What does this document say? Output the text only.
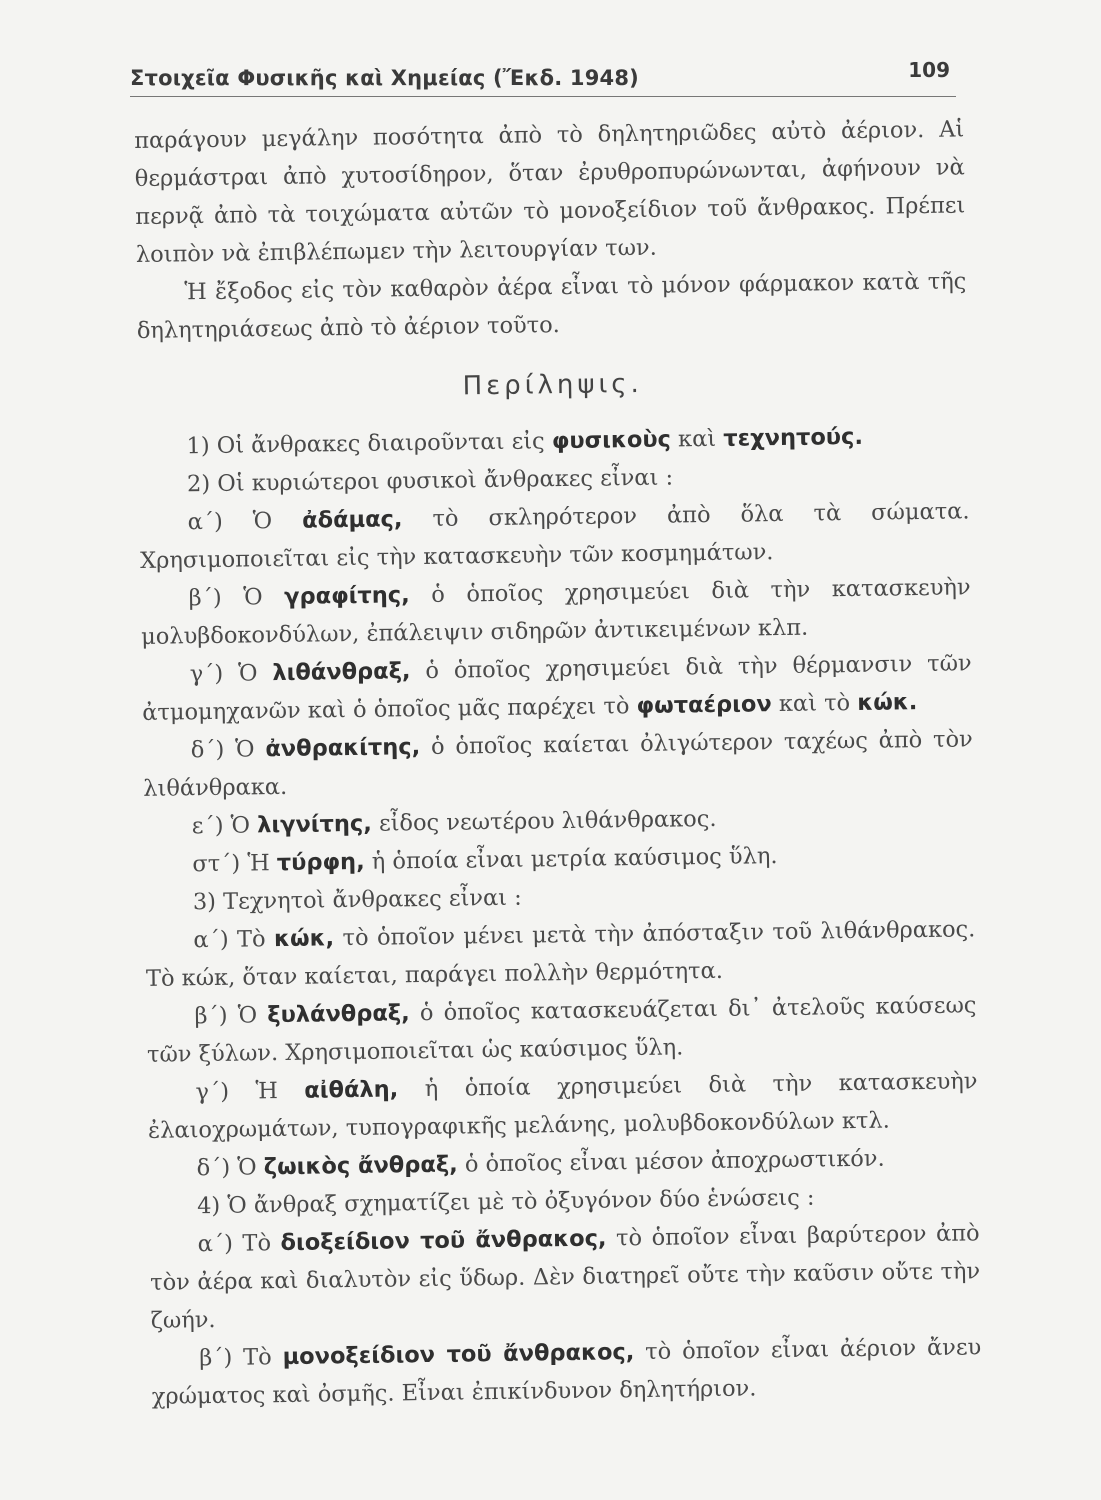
Στοιχεῖα Φυσικῆς καὶ Χημείας (Ἔκδ. 1948)	109

παράγουν μεγάλην ποσότητα ἀπὸ τὸ δηλητηριῶδες αὐτὸ ἀέριον. Αἱ θερμάστραι ἀπὸ χυτοσίδηρον, ὅταν ἐρυθροπυρώνωνται, ἀφήνουν νὰ περνᾷ ἀπὸ τὰ τοιχώματα αὐτῶν τὸ μονοξείδιον τοῦ ἄνθρακος. Πρέπει λοιπὸν νὰ ἐπιβλέπωμεν τὴν λειτουργίαν των.

Ἡ ἔξοδος εἰς τὸν καθαρὸν ἀέρα εἶναι τὸ μόνον φάρμακον κατὰ τῆς δηλητηριάσεως ἀπὸ τὸ ἀέριον τοῦτο.

Περίληψις.

1) Οἱ ἄνθρακες διαιροῦνται εἰς φυσικοὺς καὶ τεχνητούς.

2) Οἱ κυριώτεροι φυσικοὶ ἄνθρακες εἶναι :

α΄) Ὁ ἀδάμας, τὸ σκληρότερον ἀπὸ ὅλα τὰ σώματα. Χρησιμοποιεῖται εἰς τὴν κατασκευὴν τῶν κοσμημάτων.

β΄) Ὁ γραφίτης, ὁ ὁποῖος χρησιμεύει διὰ τὴν κατασκευὴν μολυβδοκονδύλων, ἐπάλειψιν σιδηρῶν ἀντικειμένων κλπ.

γ΄) Ὁ λιθάνθραξ, ὁ ὁποῖος χρησιμεύει διὰ τὴν θέρμανσιν τῶν ἀτμομηχανῶν καὶ ὁ ὁποῖος μᾶς παρέχει τὸ φωταέριον καὶ τὸ κώκ.

δ΄) Ὁ ἀνθρακίτης, ὁ ὁποῖος καίεται ὀλιγώτερον ταχέως ἀπὸ τὸν λιθάνθρακα.

ε΄) Ὁ λιγνίτης, εἶδος νεωτέρου λιθάνθρακος.

στ΄) Ἡ τύρφη, ἡ ὁποία εἶναι μετρία καύσιμος ὕλη.

3) Τεχνητοὶ ἄνθρακες εἶναι :

α΄) Τὸ κώκ, τὸ ὁποῖον μένει μετὰ τὴν ἀπόσταξιν τοῦ λιθάνθρακος. Τὸ κώκ, ὅταν καίεται, παράγει πολλὴν θερμότητα.

β΄) Ὁ ξυλάνθραξ, ὁ ὁποῖος κατασκευάζεται δι᾽ ἀτελοῦς καύσεως τῶν ξύλων. Χρησιμοποιεῖται ὡς καύσιμος ὕλη.

γ΄) Ἡ αἰθάλη, ἡ ὁποία χρησιμεύει διὰ τὴν κατασκευὴν ἐλαιοχρωμάτων, τυπογραφικῆς μελάνης, μολυβδοκονδύλων κτλ.

δ΄) Ὁ ζωικὸς ἄνθραξ, ὁ ὁποῖος εἶναι μέσον ἀποχρωστικόν.

4) Ὁ ἄνθραξ σχηματίζει μὲ τὸ ὀξυγόνον δύο ἑνώσεις :

α΄) Τὸ διοξείδιον τοῦ ἄνθρακος, τὸ ὁποῖον εἶναι βαρύτερον ἀπὸ τὸν ἀέρα καὶ διαλυτὸν εἰς ὕδωρ. Δὲν διατηρεῖ οὔτε τὴν καῦσιν οὔτε τὴν ζωήν.

β΄) Τὸ μονοξείδιον τοῦ ἄνθρακος, τὸ ὁποῖον εἶναι ἀέριον ἄνευ χρώματος καὶ ὀσμῆς. Εἶναι ἐπικίνδυνον δηλητήριον.
